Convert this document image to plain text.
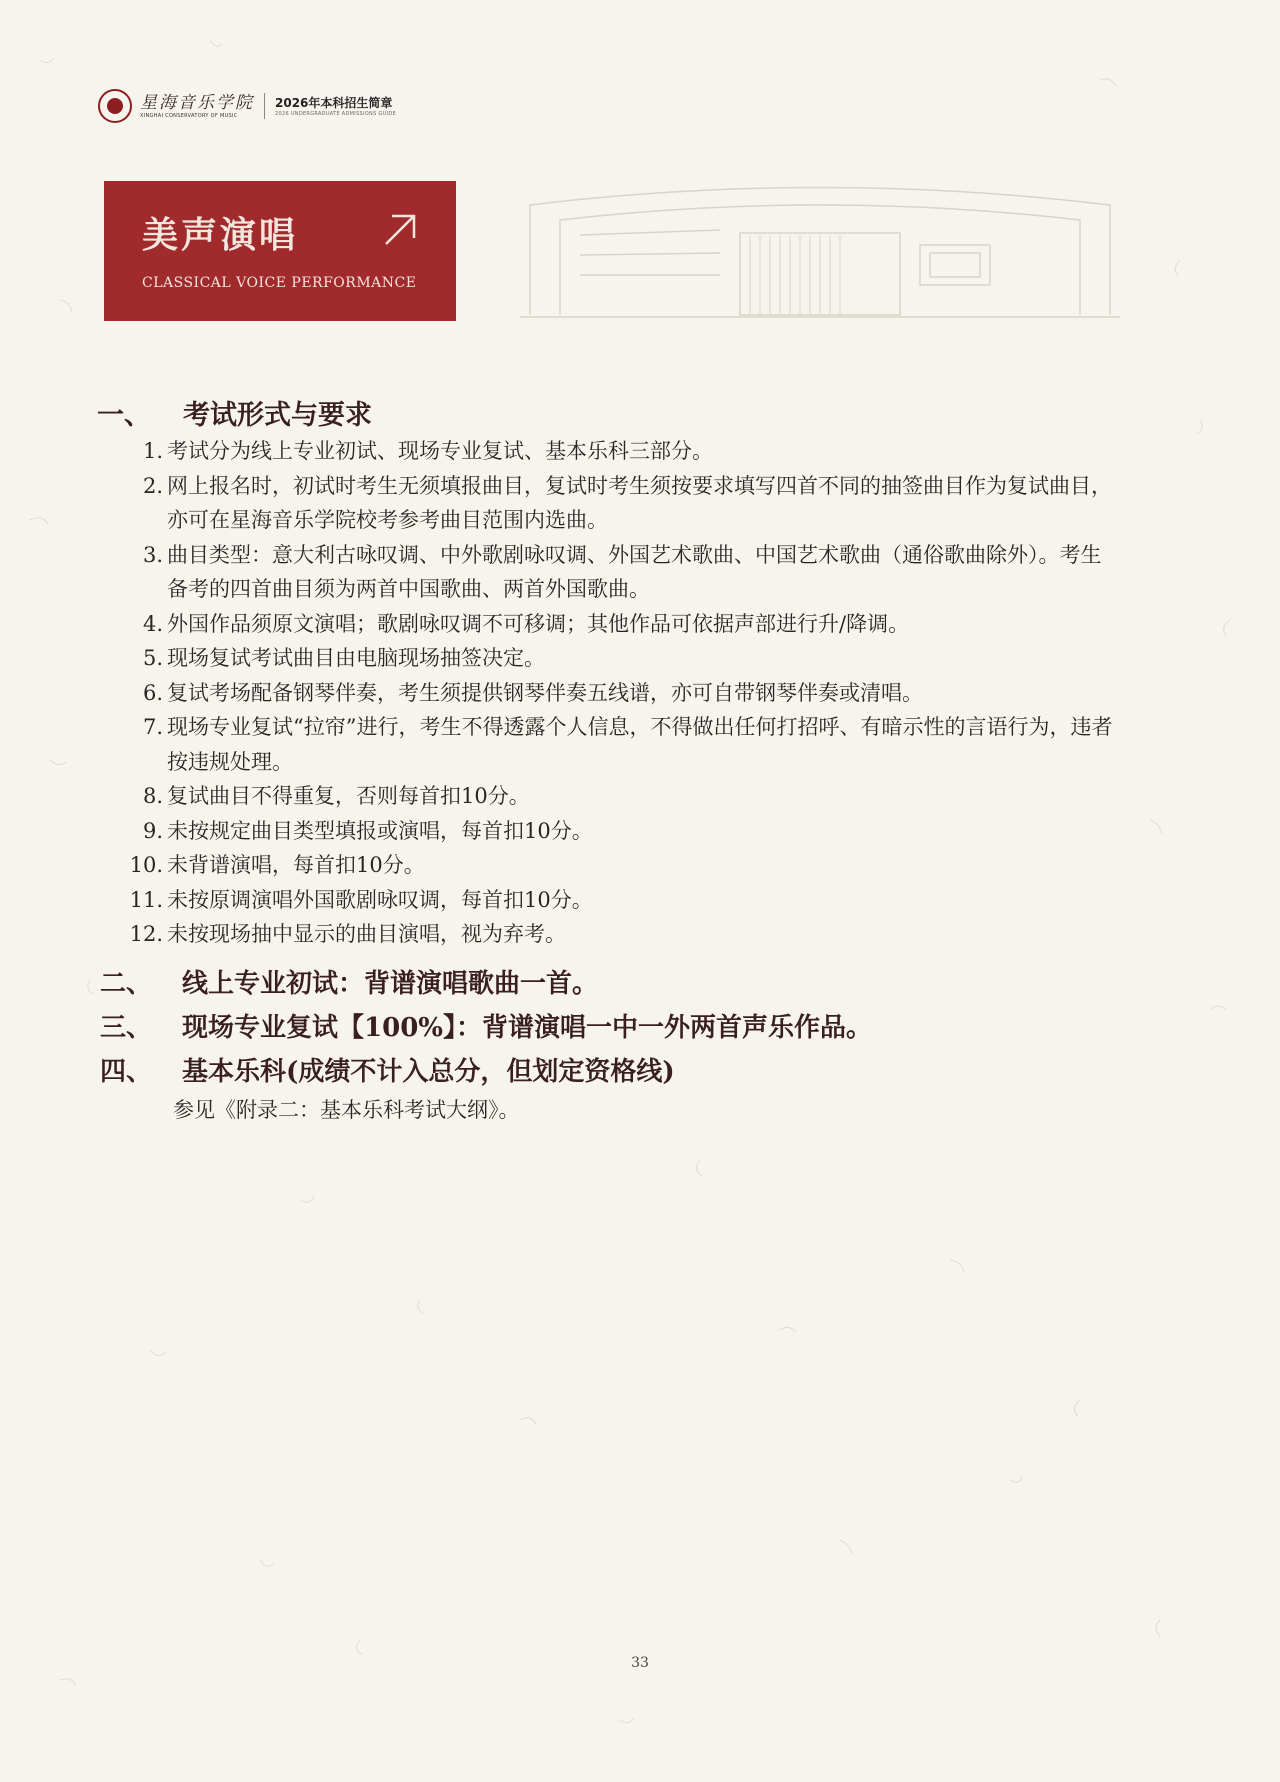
星海音乐学院
XINGHAI CONSERVATORY OF MUSIC
2026年本科招生简章
2026 UNDERGRADUATE ADMISSIONS GUIDE
美声演唱
CLASSICAL VOICE PERFORMANCE
一、 考试形式与要求
1. 考试分为线上专业初试、现场专业复试、基本乐科三部分。
2. 网上报名时，初试时考生无须填报曲目，复试时考生须按要求填写四首不同的抽签曲目作为复试曲目，亦可在星海音乐学院校考参考曲目范围内选曲。
3. 曲目类型：意大利古咏叹调、中外歌剧咏叹调、外国艺术歌曲、中国艺术歌曲（通俗歌曲除外）。考生备考的四首曲目须为两首中国歌曲、两首外国歌曲。
4. 外国作品须原文演唱；歌剧咏叹调不可移调；其他作品可依据声部进行升/降调。
5. 现场复试考试曲目由电脑现场抽签决定。
6. 复试考场配备钢琴伴奏，考生须提供钢琴伴奏五线谱，亦可自带钢琴伴奏或清唱。
7. 现场专业复试“拉帘”进行，考生不得透露个人信息，不得做出任何打招呼、有暗示性的言语行为，违者按违规处理。
8. 复试曲目不得重复，否则每首扣10分。
9. 未按规定曲目类型填报或演唱，每首扣10分。
10. 未背谱演唱，每首扣10分。
11. 未按原调演唱外国歌剧咏叹调，每首扣10分。
12. 未按现场抽中显示的曲目演唱，视为弃考。
二、 线上专业初试：背谱演唱歌曲一首。
三、 现场专业复试【100%】：背谱演唱一中一外两首声乐作品。
四、 基本乐科(成绩不计入总分，但划定资格线)
参见《附录二：基本乐科考试大纲》。
33
